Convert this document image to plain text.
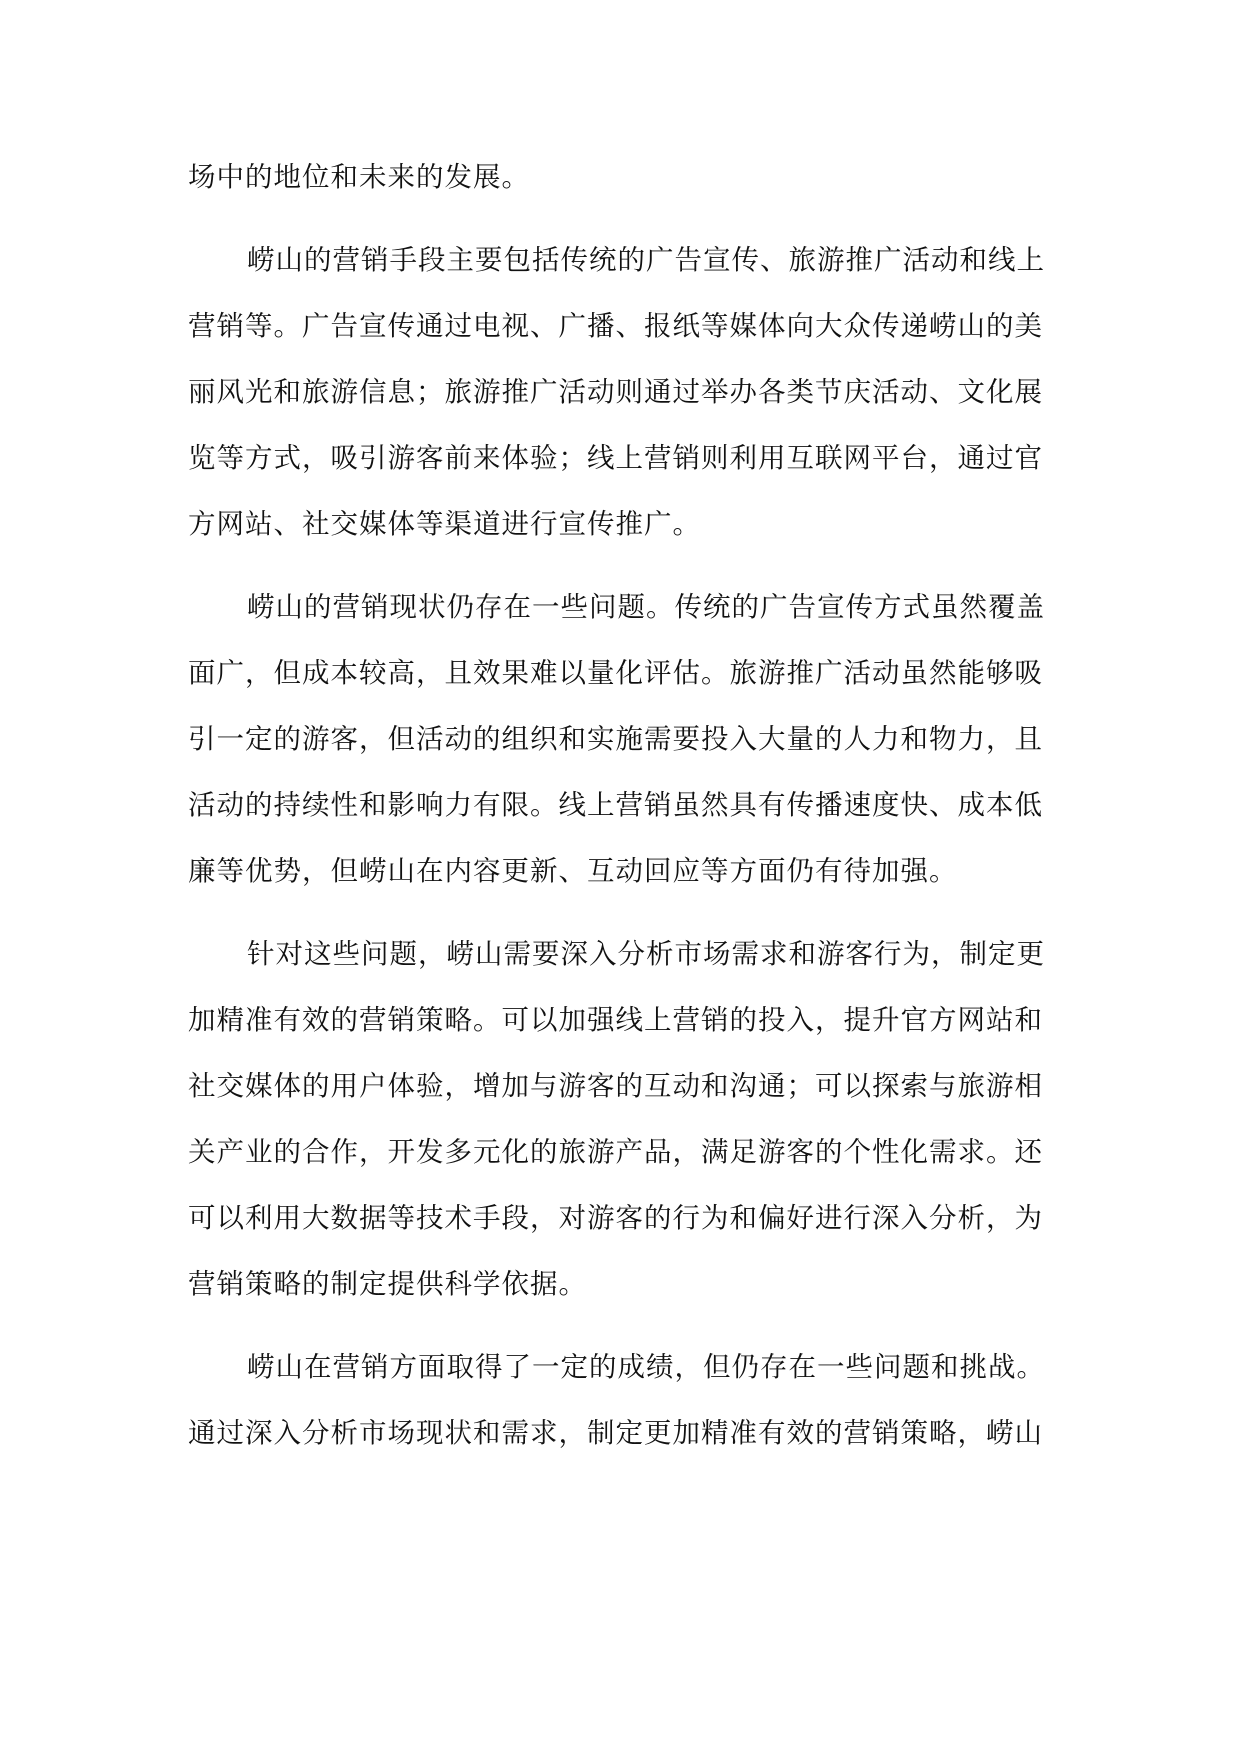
场中的地位和未来的发展。
崂山的营销手段主要包括传统的广告宣传、旅游推广活动和线上
营销等。广告宣传通过电视、广播、报纸等媒体向大众传递崂山的美
丽风光和旅游信息；旅游推广活动则通过举办各类节庆活动、文化展
览等方式，吸引游客前来体验；线上营销则利用互联网平台，通过官
方网站、社交媒体等渠道进行宣传推广。
崂山的营销现状仍存在一些问题。传统的广告宣传方式虽然覆盖
面广，但成本较高，且效果难以量化评估。旅游推广活动虽然能够吸
引一定的游客，但活动的组织和实施需要投入大量的人力和物力，且
活动的持续性和影响力有限。线上营销虽然具有传播速度快、成本低
廉等优势，但崂山在内容更新、互动回应等方面仍有待加强。
针对这些问题，崂山需要深入分析市场需求和游客行为，制定更
加精准有效的营销策略。可以加强线上营销的投入，提升官方网站和
社交媒体的用户体验，增加与游客的互动和沟通；可以探索与旅游相
关产业的合作，开发多元化的旅游产品，满足游客的个性化需求。还
可以利用大数据等技术手段，对游客的行为和偏好进行深入分析，为
营销策略的制定提供科学依据。
崂山在营销方面取得了一定的成绩，但仍存在一些问题和挑战。
通过深入分析市场现状和需求，制定更加精准有效的营销策略，崂山
